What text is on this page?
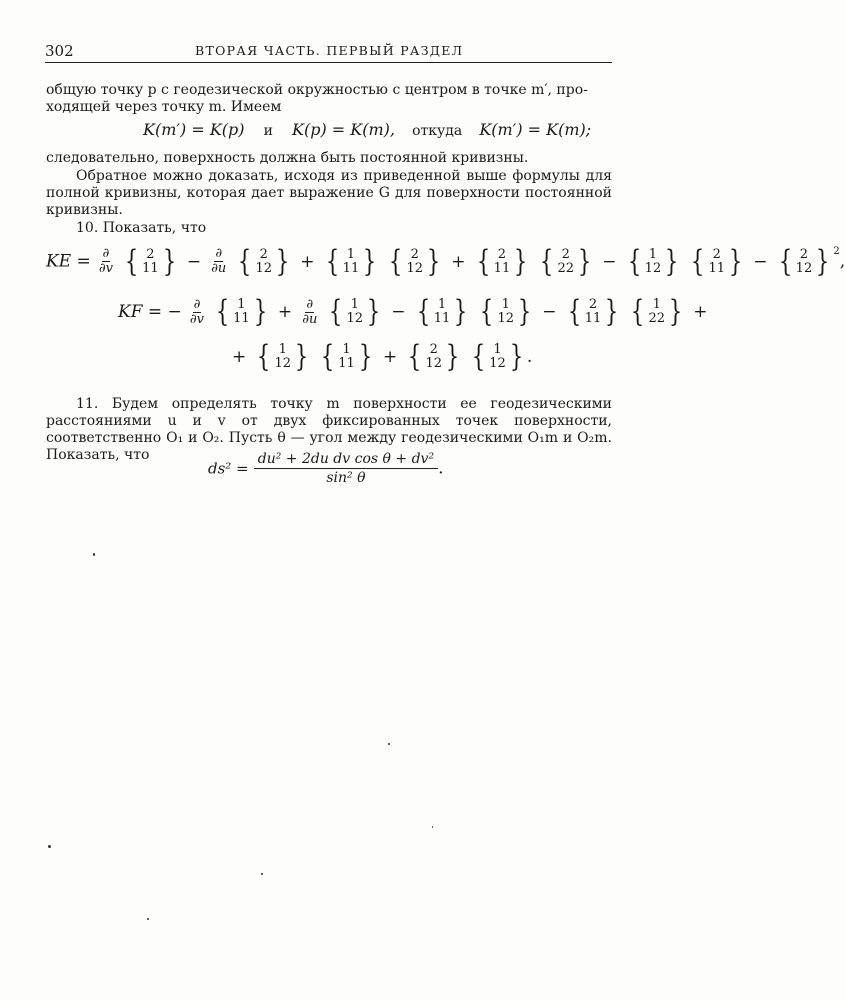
302	ВТОРАЯ ЧАСТЬ. ПЕРВЫЙ РАЗДЕЛ
общую точку p с геодезической окружностью с центром в точке m′, про-
ходящей через точку m. Имеем
K(m′) = K(p) и K(p) = K(m), откуда K(m′) = K(m);
следовательно, поверхность должна быть постоянной кривизны.
Обратное можно доказать, исходя из приведенной выше формулы для полной кривизны, которая дает выражение G для поверхности постоянной кривизны.
10. Показать, что
KE = $\frac{\partial}{\partial v}$
{ 2
11 } − $\frac{\partial}{\partial u}$
{ 2
12 } + { 1
11 }
{ 2
12 } + { 2
11 }
{ 2
22 } − { 1
12 }
{ 2
11 } − { 2
12 } $^2$,
KF = − $\frac{\partial}{\partial v}$
{ 1
11 } + $\frac{\partial}{\partial u}$
{ 1
12 } − { 1
11 }
{ 1
12 } − { 2
11 }
{ 1
22 } +
+ { 1
12 }
{ 1
11 } + { 2
12 }
{ 1
12 } .
11. Будем определять точку m поверхности ее геодезическими расстояниями u и v от двух фиксированных точек поверхности, соответственно O₁ и O₂. Пусть θ — угол между геодезическими O₁m и O₂m. Показать, что
$ds^2 = \frac{\text{du² + 2du dv cos θ + dv²}}{\text{sin² θ}}$ .
